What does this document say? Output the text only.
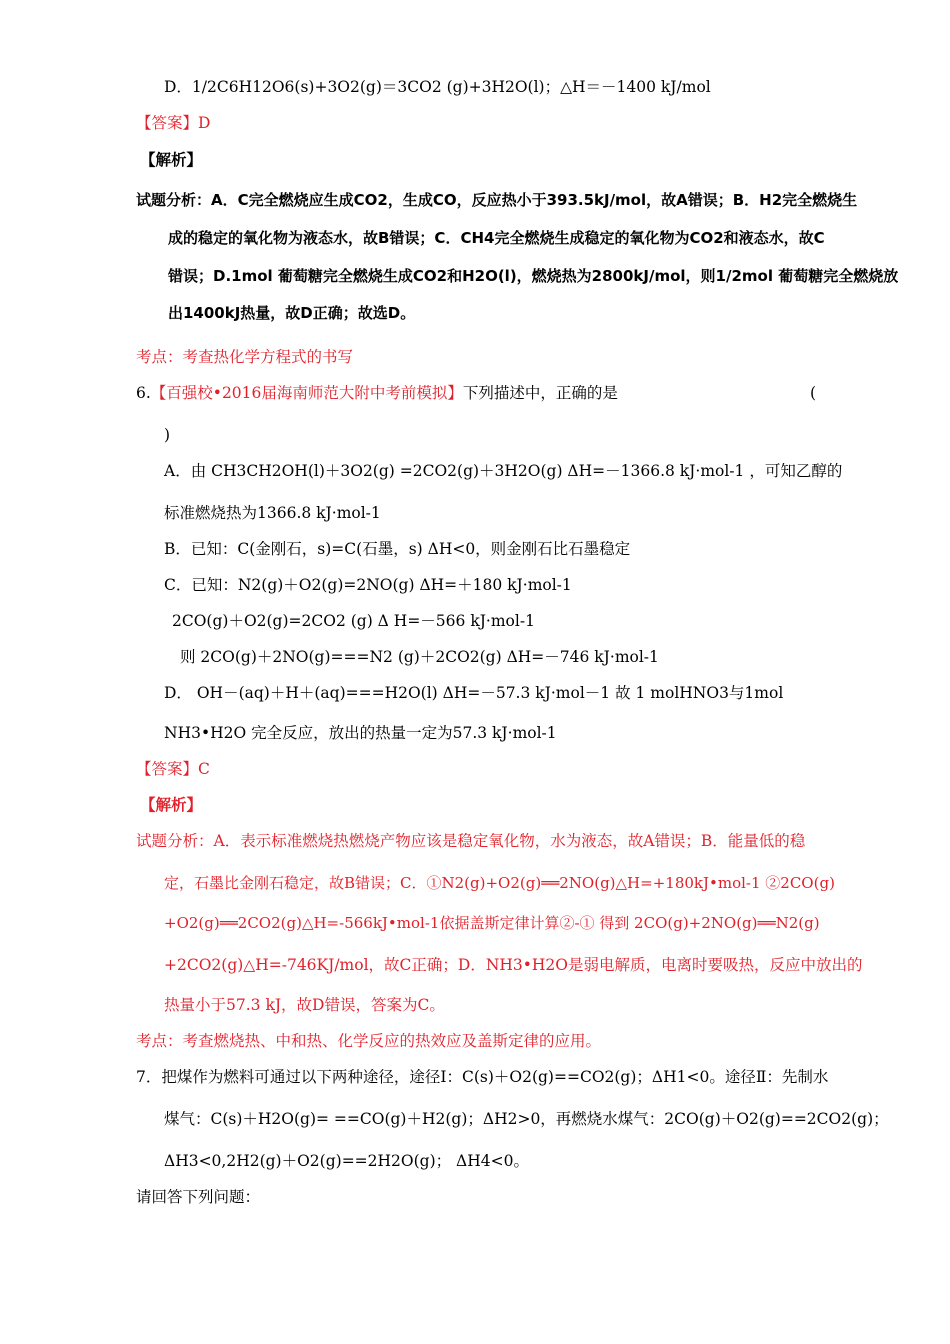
D．1/2C6H12O6(s)+3O2(g)＝3CO2 (g)+3H2O(l)；△H＝－1400 kJ/mol
【答案】D
【解析】
试题分析：A．C完全燃烧应生成CO2，生成CO，反应热小于393.5kJ/mol，故A错误；B．H2完全燃烧生
成的稳定的氧化物为液态水，故B错误；C．CH4完全燃烧生成稳定的氧化物为CO2和液态水，故C
错误；D.1mol 葡萄糖完全燃烧生成CO2和H2O(l)，燃烧热为2800kJ/mol，则1/2mol 葡萄糖完全燃烧放
出1400kJ热量，故D正确；故选D。
考点：考查热化学方程式的书写
6.【百强校•2016届海南师范大附中考前模拟】下列描述中，正确的是	(
)
A．由 CH3CH2OH(l)＋3O2(g) =2CO2(g)＋3H2O(g) ΔH=－1366.8 kJ·mol-1 ，可知乙醇的
标准燃烧热为1366.8 kJ·mol-1
B．已知：C(金刚石，s)=C(石墨，s) ΔH<0，则金刚石比石墨稳定
C．已知：N2(g)＋O2(g)=2NO(g) ΔH=＋180 kJ·mol-1
2CO(g)＋O2(g)=2CO2 (g) Δ H=－566 kJ·mol-1
则 2CO(g)＋2NO(g)===N2 (g)＋2CO2(g) ΔH=－746 kJ·mol-1
D． OH－(aq)＋H＋(aq)===H2O(l) ΔH=－57.3 kJ·mol－1 故 1 molHNO3与1mol
NH3•H2O 完全反应，放出的热量一定为57.3 kJ·mol-1
【答案】C
【解析】
试题分析：A．表示标准燃烧热燃烧产物应该是稳定氧化物，水为液态，故A错误；B．能量低的稳
定，石墨比金刚石稳定，故B错误；C．①N2(g)+O2(g)══2NO(g)△H=+180kJ•mol-1 ②2CO(g)
+O2(g)══2CO2(g)△H=-566kJ•mol-1依据盖斯定律计算②-① 得到 2CO(g)+2NO(g)══N2(g)
+2CO2(g)△H=-746KJ/mol，故C正确；D．NH3•H2O是弱电解质，电离时要吸热，反应中放出的
热量小于57.3 kJ，故D错误，答案为C。
考点：考查燃烧热、中和热、化学反应的热效应及盖斯定律的应用。
7．把煤作为燃料可通过以下两种途径，途径Ⅰ：C(s)＋O2(g)==CO2(g)；ΔH1<0。途径Ⅱ：先制水
煤气：C(s)＋H2O(g)= ==CO(g)＋H2(g)；ΔH2>0，再燃烧水煤气：2CO(g)＋O2(g)==2CO2(g)；
ΔH3<0,2H2(g)＋O2(g)==2H2O(g)； ΔH4<0。
请回答下列问题：
